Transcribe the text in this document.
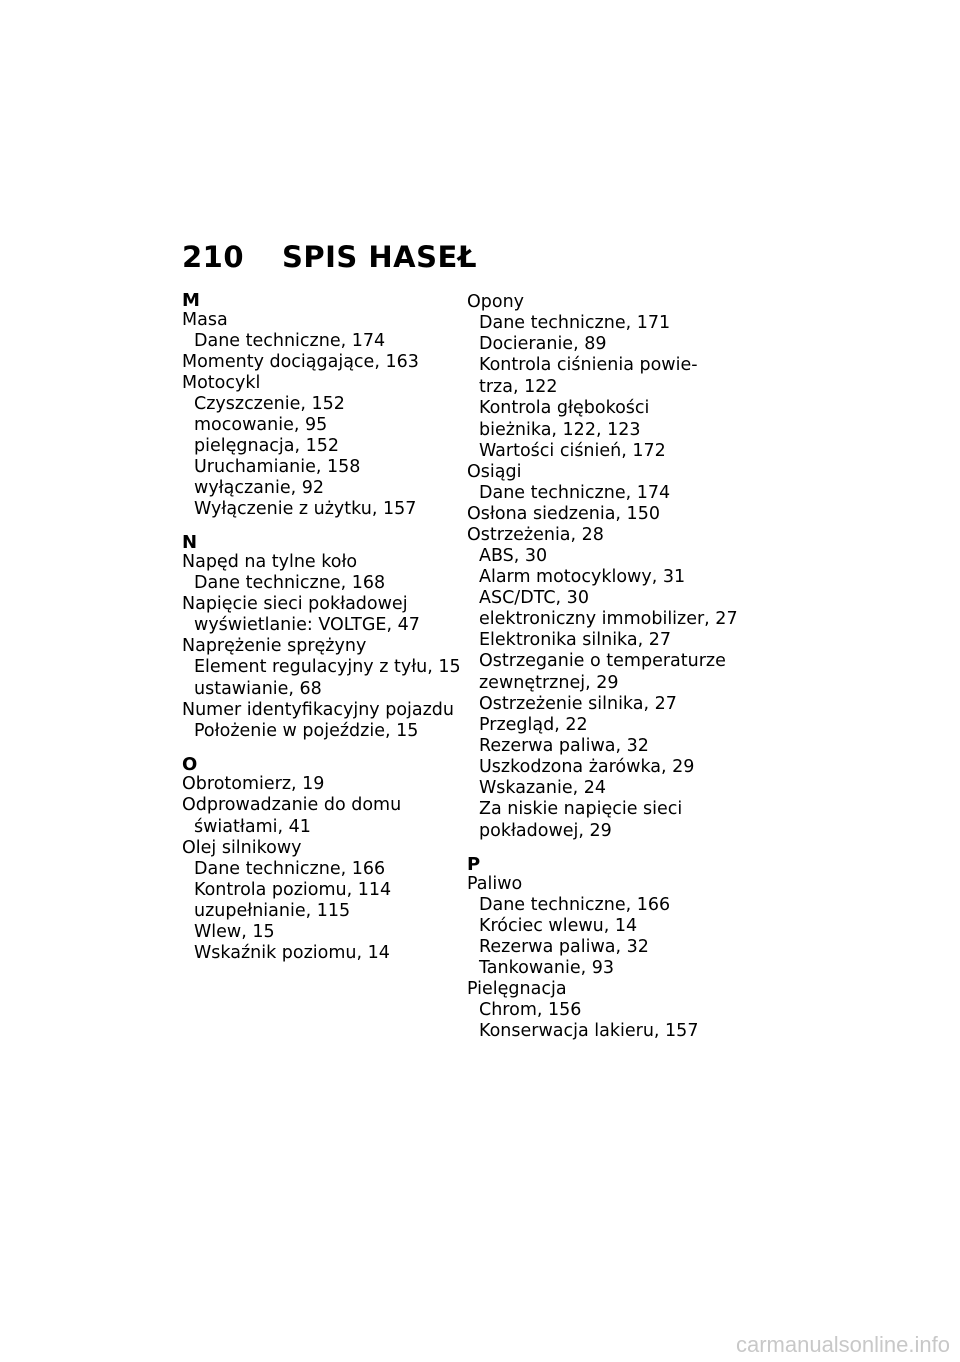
210 SPIS HASEŁ
M
Masa
Dane techniczne, 174
Momenty dociągające, 163
Motocykl
Czyszczenie, 152
mocowanie, 95
pielęgnacja, 152
Uruchamianie, 158
wyłączanie, 92
Wyłączenie z użytku, 157
N
Napęd na tylne koło
Dane techniczne, 168
Napięcie sieci pokładowej
wyświetlanie: VOLTGE, 47
Naprężenie sprężyny
Element regulacyjny z tyłu, 15
ustawianie, 68
Numer identyfikacyjny pojazdu
Położenie w pojeździe, 15
O
Obrotomierz, 19
Odprowadzanie do domu
światłami, 41
Olej silnikowy
Dane techniczne, 166
Kontrola poziomu, 114
uzupełnianie, 115
Wlew, 15
Wskaźnik poziomu, 14
Opony
Dane techniczne, 171
Docieranie, 89
Kontrola ciśnienia powie-
trza, 122
Kontrola głębokości
bieżnika, 122, 123
Wartości ciśnień, 172
Osiągi
Dane techniczne, 174
Osłona siedzenia, 150
Ostrzeżenia, 28
ABS, 30
Alarm motocyklowy, 31
ASC/DTC, 30
elektroniczny immobilizer, 27
Elektronika silnika, 27
Ostrzeganie o temperaturze
zewnętrznej, 29
Ostrzeżenie silnika, 27
Przegląd, 22
Rezerwa paliwa, 32
Uszkodzona żarówka, 29
Wskazanie, 24
Za niskie napięcie sieci
pokładowej, 29
P
Paliwo
Dane techniczne, 166
Króciec wlewu, 14
Rezerwa paliwa, 32
Tankowanie, 93
Pielęgnacja
Chrom, 156
Konserwacja lakieru, 157
carmanualsonline.info
